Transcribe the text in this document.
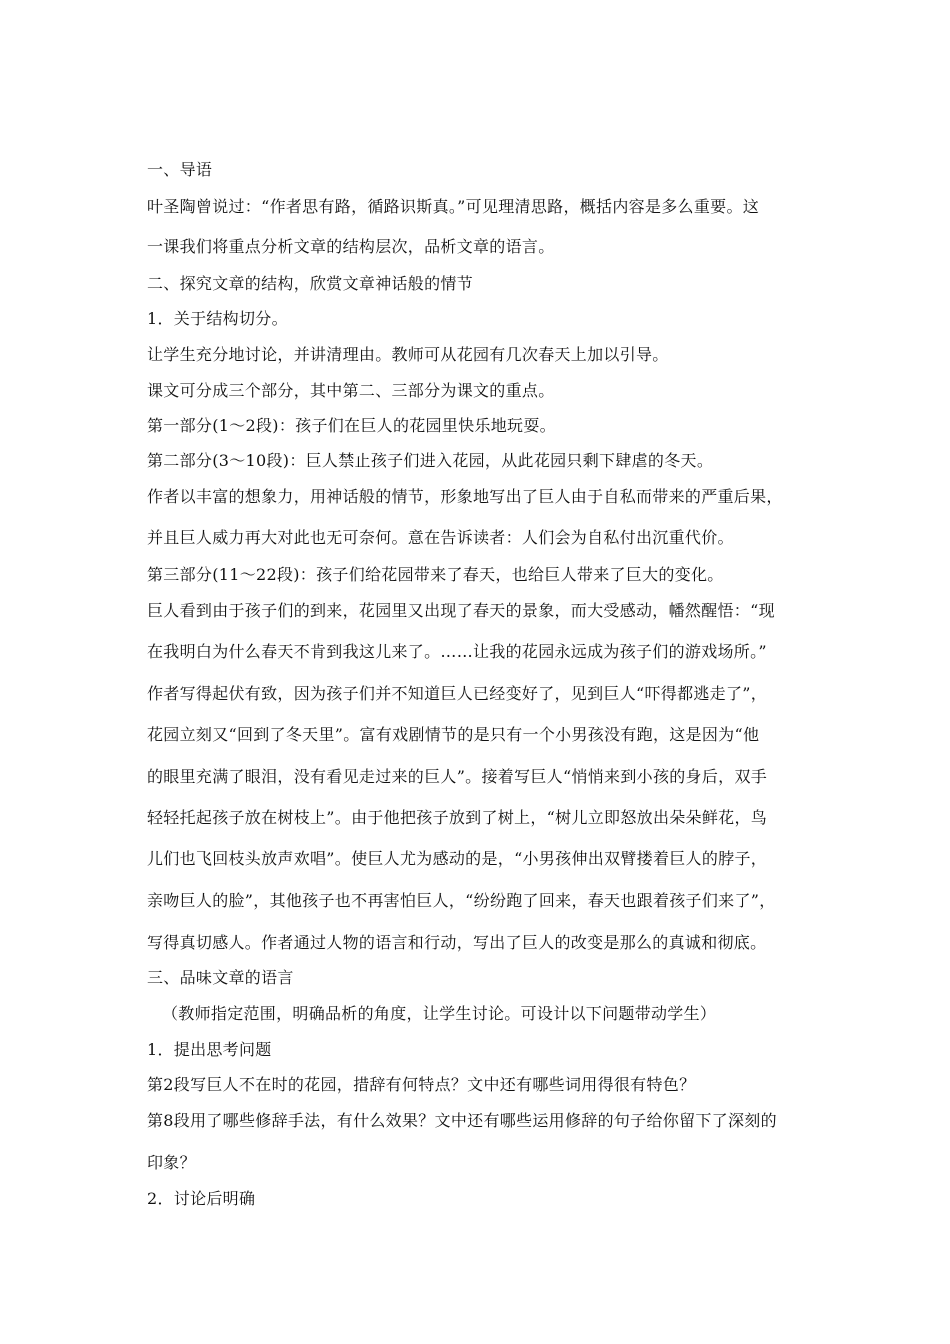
一、导语
叶圣陶曾说过：“作者思有路，循路识斯真。”可见理清思路，概括内容是多么重要。这
一课我们将重点分析文章的结构层次，品析文章的语言。
二、探究文章的结构，欣赏文章神话般的情节
1．关于结构切分。
让学生充分地讨论，并讲清理由。教师可从花园有几次春天上加以引导。
课文可分成三个部分，其中第二、三部分为课文的重点。
第一部分(1～2段)：孩子们在巨人的花园里快乐地玩耍。
第二部分(3～10段)：巨人禁止孩子们进入花园，从此花园只剩下肆虐的冬天。
作者以丰富的想象力，用神话般的情节，形象地写出了巨人由于自私而带来的严重后果，
并且巨人威力再大对此也无可奈何。意在告诉读者：人们会为自私付出沉重代价。
第三部分(11～22段)：孩子们给花园带来了春天，也给巨人带来了巨大的变化。
巨人看到由于孩子们的到来，花园里又出现了春天的景象，而大受感动，幡然醒悟：“现
在我明白为什么春天不肯到我这儿来了。……让我的花园永远成为孩子们的游戏场所。”
作者写得起伏有致，因为孩子们并不知道巨人已经变好了，见到巨人“吓得都逃走了”，
花园立刻又“回到了冬天里”。富有戏剧情节的是只有一个小男孩没有跑，这是因为“他
的眼里充满了眼泪，没有看见走过来的巨人”。接着写巨人“悄悄来到小孩的身后，双手
轻轻托起孩子放在树枝上”。由于他把孩子放到了树上，“树儿立即怒放出朵朵鲜花，鸟
儿们也飞回枝头放声欢唱”。使巨人尤为感动的是，“小男孩伸出双臂搂着巨人的脖子，
亲吻巨人的脸”，其他孩子也不再害怕巨人，“纷纷跑了回来，春天也跟着孩子们来了”，
写得真切感人。作者通过人物的语言和行动，写出了巨人的改变是那么的真诚和彻底。
三、品味文章的语言
（教师指定范围，明确品析的角度，让学生讨论。可设计以下问题带动学生）
1．提出思考问题
第2段写巨人不在时的花园，措辞有何特点？文中还有哪些词用得很有特色？
第8段用了哪些修辞手法，有什么效果？文中还有哪些运用修辞的句子给你留下了深刻的
印象？
2．讨论后明确
